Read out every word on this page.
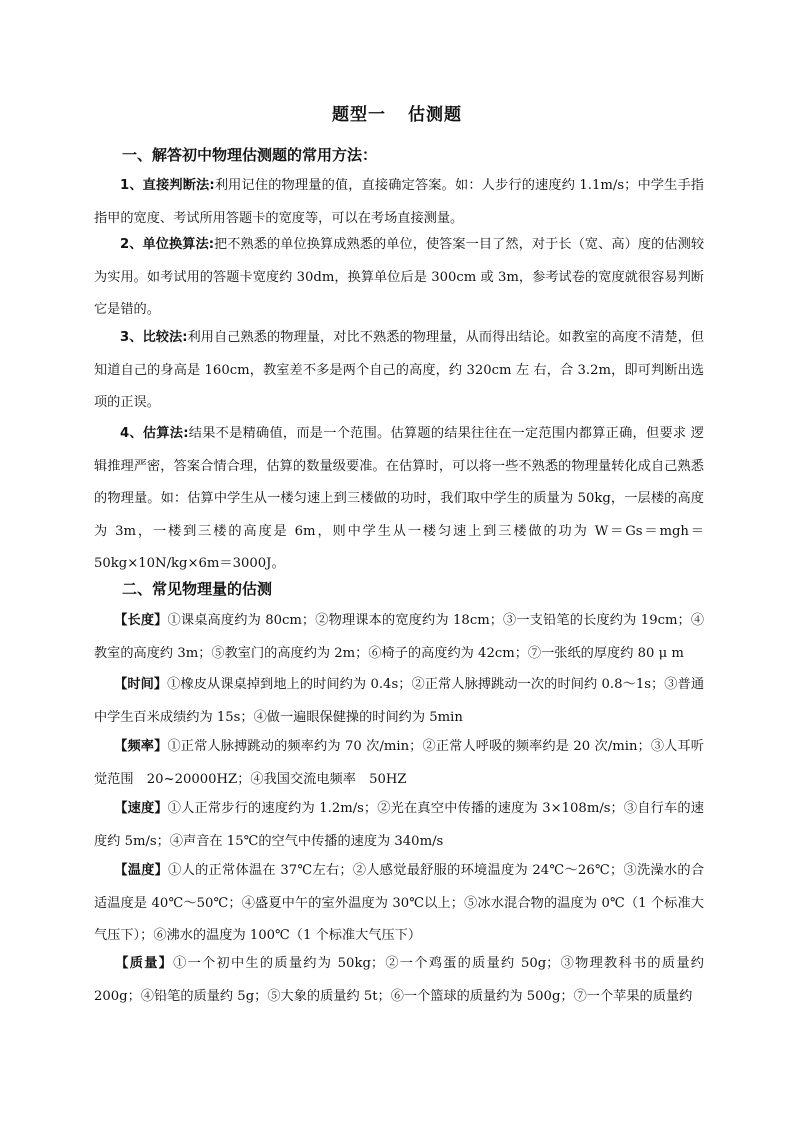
题型一 估测题
一、解答初中物理估测题的常用方法：
1、直接判断法:利用记住的物理量的值，直接确定答案。如：人步行的速度约 1.1m/s；中学生手指指甲的宽度、考试所用答题卡的宽度等，可以在考场直接测量。
2、单位换算法:把不熟悉的单位换算成熟悉的单位，使答案一目了然，对于长（宽、高）度的估测较为实用。如考试用的答题卡宽度约 30dm，换算单位后是 300cm 或 3m，参考试卷的宽度就很容易判断它是错的。
3、比较法:利用自己熟悉的物理量，对比不熟悉的物理量，从而得出结论。如教室的高度不清楚，但知道自己的身高是 160cm，教室差不多是两个自己的高度，约 320cm 左 右，合 3.2m，即可判断出选项的正误。
4、估算法:结果不是精确值，而是一个范围。估算题的结果往往在一定范围内都算正确，但要求 逻辑推理严密，答案合情合理，估算的数量级要准。在估算时，可以将一些不熟悉的物理量转化成自己熟悉的物理量。如：估算中学生从一楼匀速上到三楼做的功时，我们取中学生的质量为 50kg，一层楼的高度为 3m，一楼到三楼的高度是 6m，则中学生从一楼匀速上到三楼做的功为 W＝Gs＝mgh＝50kg×10N/kg×6m＝3000J。
二、常见物理量的估测
【长度】①课桌高度约为 80cm；②物理课本的宽度约为 18cm；③一支铅笔的长度约为 19cm；④教室的高度约 3m；⑤教室门的高度约为 2m；⑥椅子的高度约为 42cm；⑦一张纸的厚度约 80 μ m
【时间】①橡皮从课桌掉到地上的时间约为 0.4s；②正常人脉搏跳动一次的时间约 0.8～1s；③普通中学生百米成绩约为 15s；④做一遍眼保健操的时间约为 5min
【频率】①正常人脉搏跳动的频率约为 70 次/min；②正常人呼吸的频率约是 20 次/min；③人耳听觉范围　20~20000HZ；④我国交流电频率　50HZ
【速度】①人正常步行的速度约为 1.2m/s；②光在真空中传播的速度为 3×108m/s；③自行车的速度约 5m/s；④声音在 15℃的空气中传播的速度为 340m/s
【温度】①人的正常体温在 37℃左右；②人感觉最舒服的环境温度为 24℃～26℃；③洗澡水的合适温度是 40℃～50℃；④盛夏中午的室外温度为 30℃以上；⑤冰水混合物的温度为 0℃（1 个标准大气压下）；⑥沸水的温度为 100℃（1 个标准大气压下）
【质量】①一个初中生的质量约为 50kg；②一个鸡蛋的质量约 50g；③物理教科书的质量约 200g；④铅笔的质量约 5g；⑤大象的质量约 5t；⑥一个篮球的质量约为 500g；⑦一个苹果的质量约
